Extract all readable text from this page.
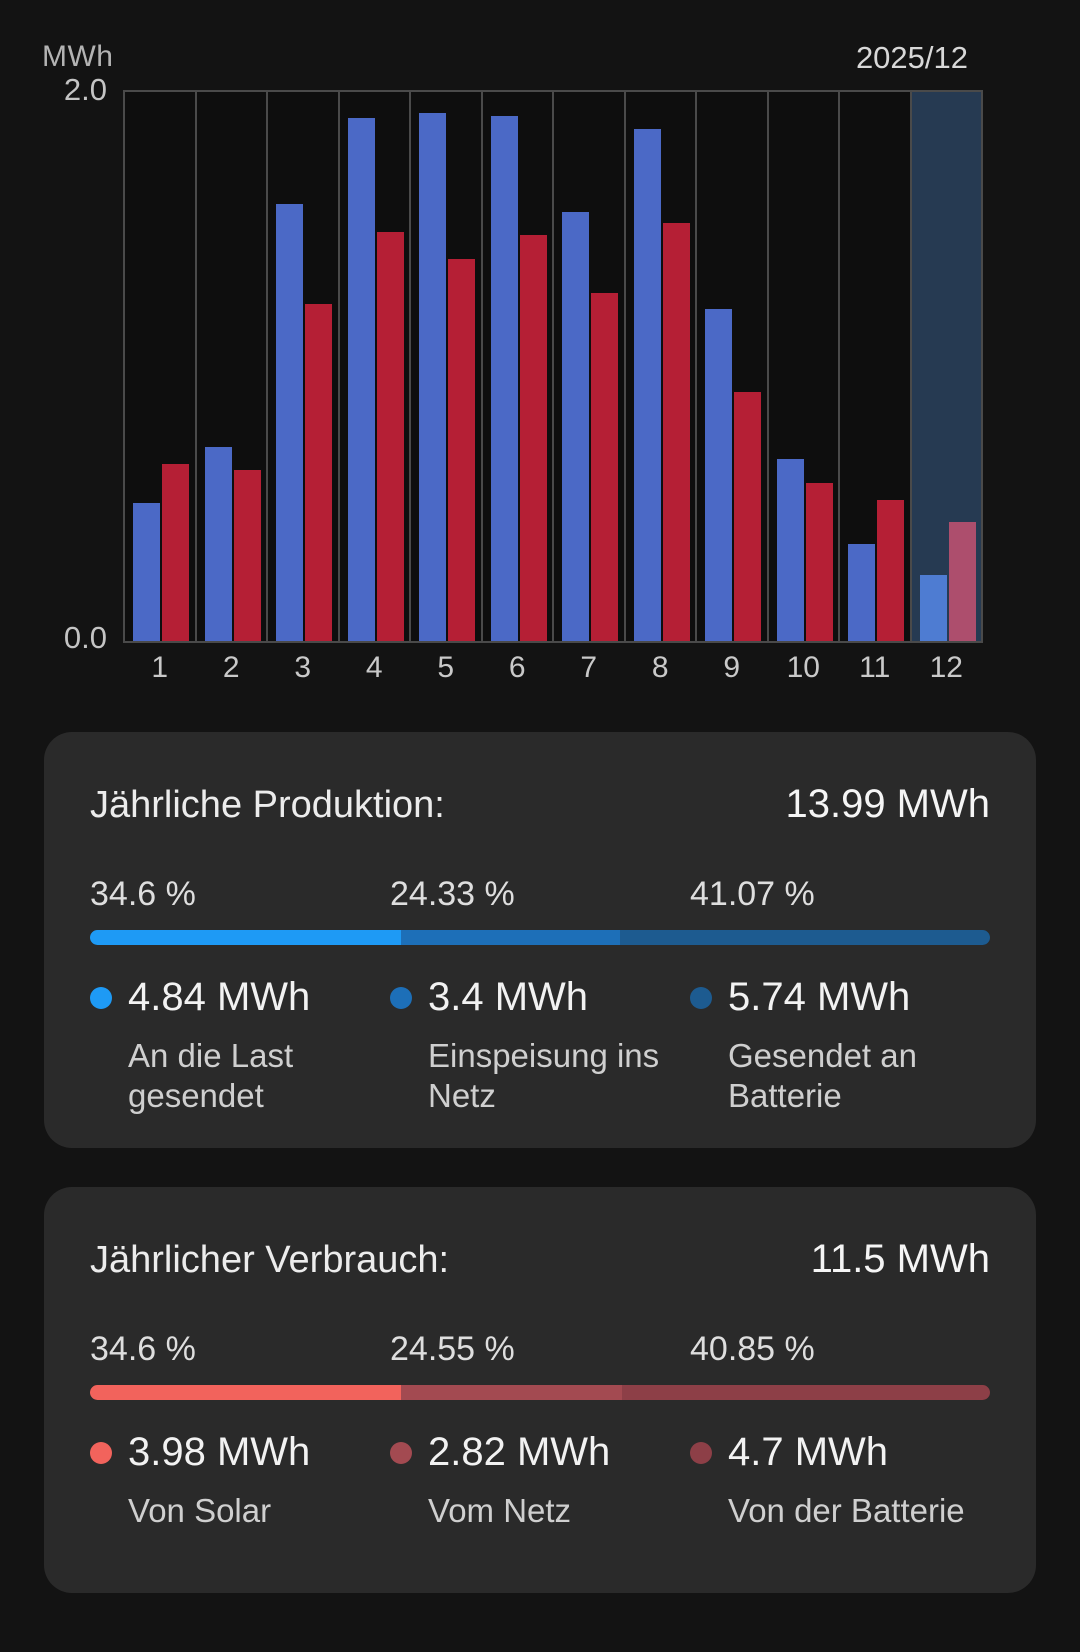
MWh	2025/12
2.0
0.0
1	2	3	4	5	6	7	8	9	10	11	12
Jährliche Produktion:	13.99 MWh
34.6 %	24.33 %	41.07 %
4.84 MWh
An die Last gesendet
3.4 MWh
Einspeisung ins Netz
5.74 MWh
Gesendet an Batterie
Jährlicher Verbrauch:	11.5 MWh
34.6 %	24.55 %	40.85 %
3.98 MWh
Von Solar
2.82 MWh
Vom Netz
4.7 MWh
Von der Batterie
